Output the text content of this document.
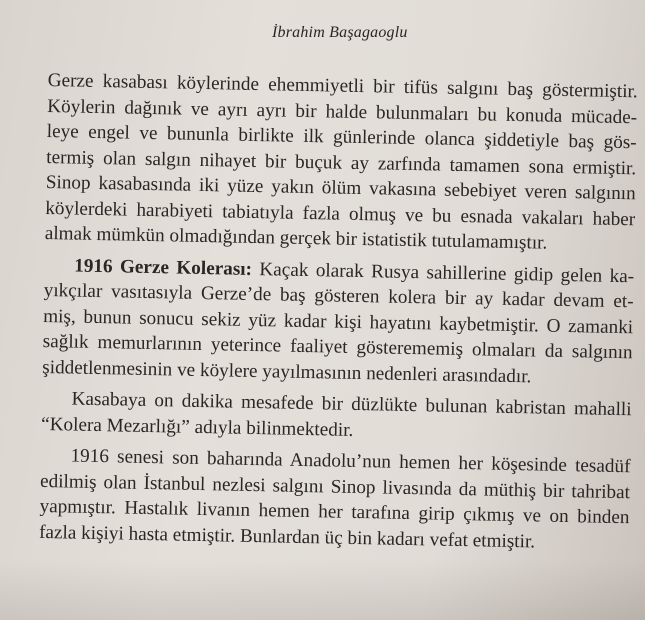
İbrahim Başagaoglu
Gerze kasabası köylerinde ehemmiyetli bir tifüs salgını baş göstermiştir.
Köylerin dağınık ve ayrı ayrı bir halde bulunmaları bu konuda mücade-
leye engel ve bununla birlikte ilk günlerinde olanca şiddetiyle baş gös-
termiş olan salgın nihayet bir buçuk ay zarfında tamamen sona ermiştir.
Sinop kasabasında iki yüze yakın ölüm vakasına sebebiyet veren salgının
köylerdeki harabiyeti tabiatıyla fazla olmuş ve bu esnada vakaları haber
almak mümkün olmadığından gerçek bir istatistik tutulamamıştır.
1916 Gerze Kolerası: Kaçak olarak Rusya sahillerine gidip gelen ka-
yıkçılar vasıtasıyla Gerze’de baş gösteren kolera bir ay kadar devam et-
miş, bunun sonucu sekiz yüz kadar kişi hayatını kaybetmiştir. O zamanki
sağlık memurlarının yeterince faaliyet gösterememiş olmaları da salgının
şiddetlenmesinin ve köylere yayılmasının nedenleri arasındadır.
Kasabaya on dakika mesafede bir düzlükte bulunan kabristan mahalli
“Kolera Mezarlığı” adıyla bilinmektedir.
1916 senesi son baharında Anadolu’nun hemen her köşesinde tesadüf
edilmiş olan İstanbul nezlesi salgını Sinop livasında da müthiş bir tahribat
yapmıştır. Hastalık livanın hemen her tarafına girip çıkmış ve on binden
fazla kişiyi hasta etmiştir. Bunlardan üç bin kadarı vefat etmiştir.
